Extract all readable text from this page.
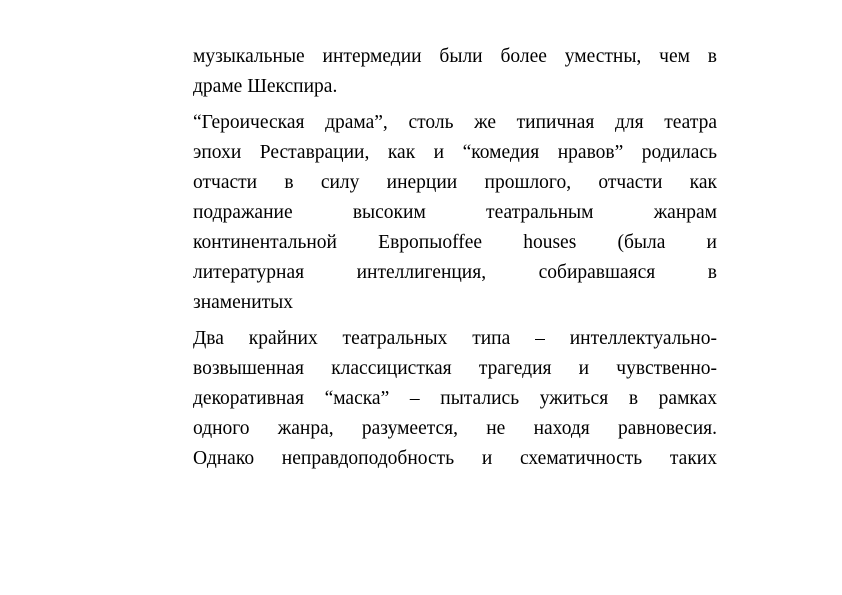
музыкальные интермедии были более уместны, чем в
драме Шекспира.
“Героическая драма”, столь же типичная для театра
эпохи Реставрации, как и “комедия нравов” родилась
отчасти в силу инерции прошлого, отчасти как
подражание высоким театральным жанрам
континентальной Европыoffee houses (была и
литературная интеллигенция, собиравшаяся в
знаменитых
Два крайних театральных типа – интеллектуально-
возвышенная классицисткая трагедия и чувственно-
декоративная “маска” – пытались ужиться в рамках
одного жанра, разумеется, не находя равновесия.
Однако неправдоподобность и схематичность таких
